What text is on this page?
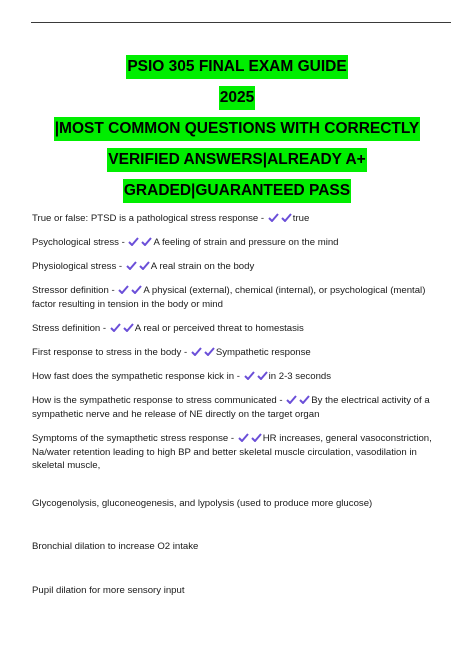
PSIO 305 FINAL EXAM GUIDE
2025
|MOST COMMON QUESTIONS WITH CORRECTLY
VERIFIED ANSWERS|ALREADY A+
GRADED|GUARANTEED PASS

True or false: PTSD is a pathological stress response -	true

Psychological stress -	A feeling of strain and pressure on the mind

Physiological stress -	A real strain on the body

Stressor definition -	A physical (external), chemical (internal), or psychological (mental) factor resulting in tension in the body or mind

Stress definition -	A real or perceived threat to homestasis

First response to stress in the body -	Sympathetic response

How fast does the sympathetic response kick in -	in 2-3 seconds

How is the sympathetic response to stress communicated -	By the electrical activity of a sympathetic nerve and he release of NE directly on the target organ

Symptoms of the symapthetic stress response -	HR increases, general vasoconstriction, Na/water retention leading to high BP and better skeletal muscle circulation, vasodilation in skeletal muscle,

Glycogenolysis, gluconeogenesis, and lypolysis (used to produce more glucose)

Bronchial dilation to increase O2 intake

Pupil dilation for more sensory input
